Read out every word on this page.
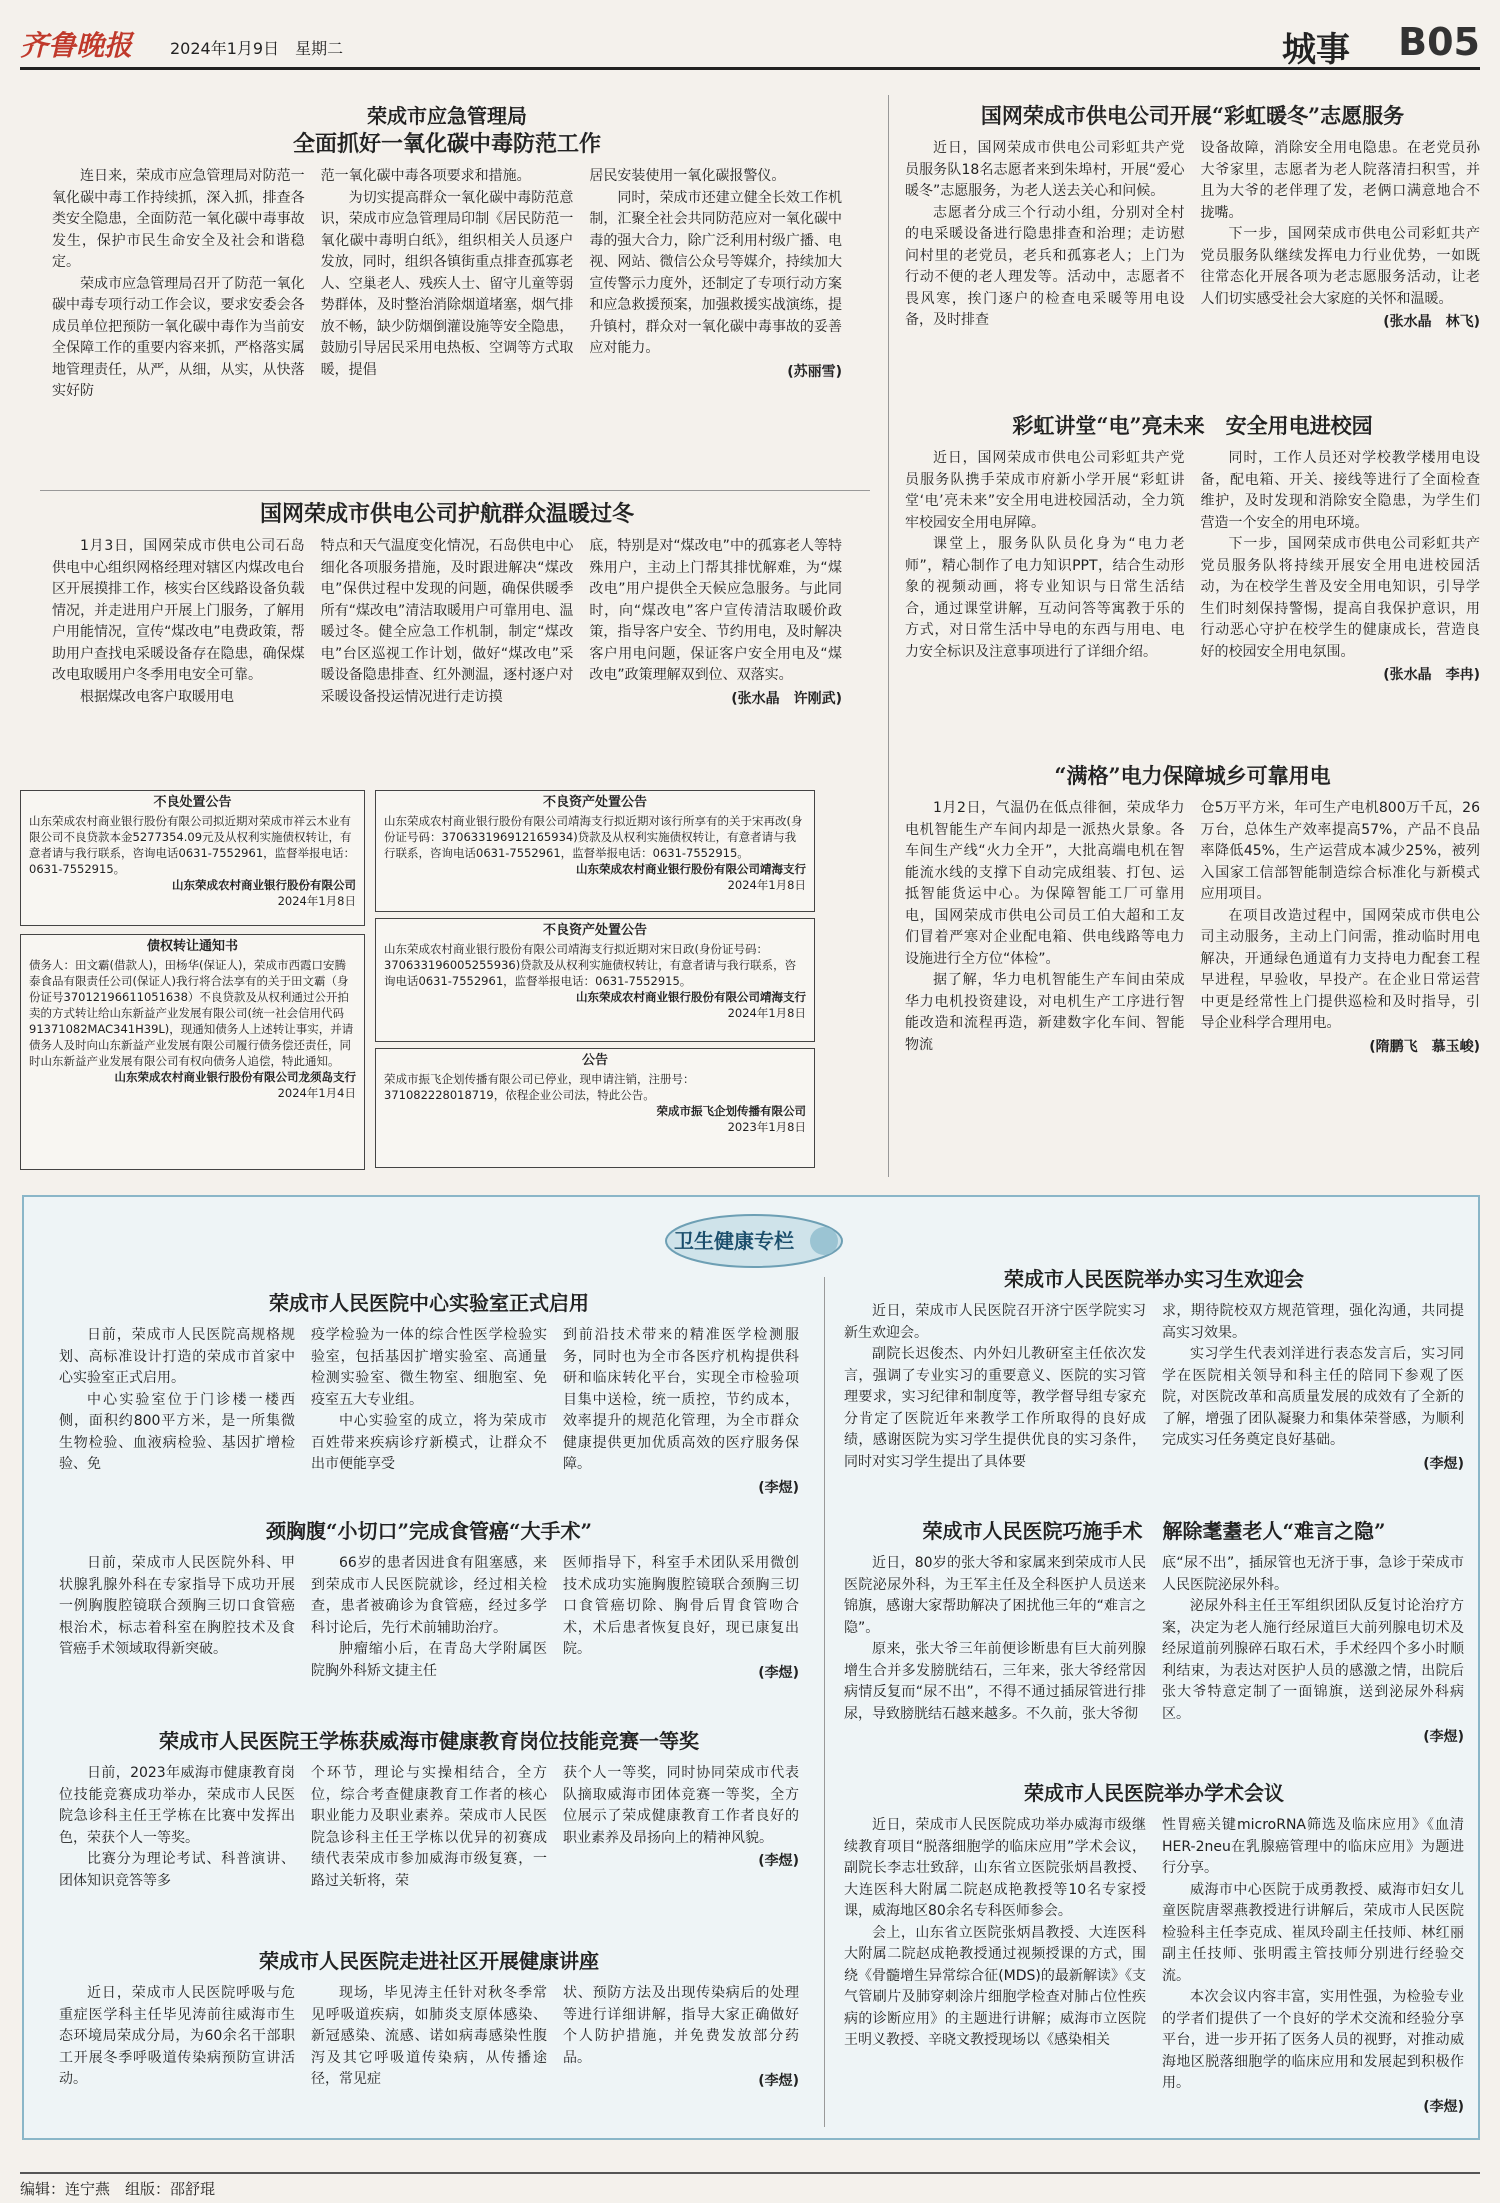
齐鲁晚报 2024年1月9日　星期二	城事 B05
荣成市应急管理局
全面抓好一氧化碳中毒防范工作

连日来，荣成市应急管理局对防范一氧化碳中毒工作持续抓，深入抓，排查各类安全隐患，全面防范一氧化碳中毒事故发生，保护市民生命安全及社会和谐稳定。

荣成市应急管理局召开了防范一氧化碳中毒专项行动工作会议，要求安委会各成员单位把预防一氧化碳中毒作为当前安全保障工作的重要内容来抓，严格落实属地管理责任，从严，从细，从实，从快落实好防

范一氧化碳中毒各项要求和措施。

为切实提高群众一氧化碳中毒防范意识，荣成市应急管理局印制《居民防范一氧化碳中毒明白纸》，组织相关人员逐户发放，同时，组织各镇街重点排查孤寡老人、空巢老人、残疾人士、留守儿童等弱势群体，及时整治消除烟道堵塞，烟气排放不畅，缺少防烟倒灌设施等安全隐患，鼓励引导居民采用电热板、空调等方式取暖，提倡

居民安装使用一氧化碳报警仪。

同时，荣成市还建立健全长效工作机制，汇聚全社会共同防范应对一氧化碳中毒的强大合力，除广泛利用村级广播、电视、网站、微信公众号等媒介，持续加大宣传警示力度外，还制定了专项行动方案和应急救援预案，加强救援实战演练，提升镇村，群众对一氧化碳中毒事故的妥善应对能力。

(苏丽雪)
国网荣成市供电公司护航群众温暖过冬

1月3日，国网荣成市供电公司石岛供电中心组织网格经理对辖区内煤改电台区开展摸排工作，核实台区线路设备负载情况，并走进用户开展上门服务，了解用户用能情况，宣传“煤改电”电费政策，帮助用户查找电采暖设备存在隐患，确保煤改电取暖用户冬季用电安全可靠。

根据煤改电客户取暖用电

特点和天气温度变化情况，石岛供电中心细化各项服务措施，及时跟进解决“煤改电”保供过程中发现的问题，确保供暖季所有“煤改电”清洁取暖用户可靠用电、温暖过冬。健全应急工作机制，制定“煤改电”台区巡视工作计划，做好“煤改电”采暖设备隐患排查、红外测温，逐村逐户对采暖设备投运情况进行走访摸

底，特别是对“煤改电”中的孤寡老人等特殊用户，主动上门帮其排忧解难，为“煤改电”用户提供全天候应急服务。与此同时，向“煤改电”客户宣传清洁取暖价政策，指导客户安全、节约用电，及时解决客户用电问题，保证客户安全用电及“煤改电”政策理解双到位、双落实。

(张水晶　许刚武)
不良处置公告
山东荣成农村商业银行股份有限公司拟近期对荣成市祥云木业有限公司不良贷款本金5277354.09元及从权利实施债权转让，有意者请与我行联系，咨询电话0631-7552961，监督举报电话：0631-7552915。
山东荣成农村商业银行股份有限公司
2024年1月8日
债权转让通知书
债务人：田文霸(借款人)，田杨华(保证人)，荣成市西霞口安腾泰食品有限责任公司(保证人)我行将合法享有的关于田文霸（身份证号37012196611051638）不良贷款及从权利通过公开拍卖的方式转让给山东新益产业发展有限公司(统一社会信用代码91371082MAC341H39L)，现通知债务人上述转让事实，并请债务人及时向山东新益产业发展有限公司履行债务偿还责任，同时山东新益产业发展有限公司有权向债务人追偿，特此通知。
山东荣成农村商业银行股份有限公司龙须岛支行
2024年1月4日
不良资产处置公告
山东荣成农村商业银行股份有限公司靖海支行拟近期对该行所享有的关于宋再改(身份证号码：370633196912165934)贷款及从权利实施债权转让，有意者请与我行联系，咨询电话0631-7552961，监督举报电话：0631-7552915。
山东荣成农村商业银行股份有限公司靖海支行
2024年1月8日
不良资产处置公告
山东荣成农村商业银行股份有限公司靖海支行拟近期对宋日政(身份证号码：370633196005255936)贷款及从权利实施债权转让，有意者请与我行联系，咨询电话0631-7552961，监督举报电话：0631-7552915。
山东荣成农村商业银行股份有限公司靖海支行
2024年1月8日
公告
荣成市振飞企划传播有限公司已停业，现申请注销，注册号：371082228018719，依程企业公司法，特此公告。
荣成市振飞企划传播有限公司
2023年1月8日
国网荣成市供电公司开展“彩虹暖冬”志愿服务

近日，国网荣成市供电公司彩虹共产党员服务队18名志愿者来到朱埠村，开展“爱心暖冬”志愿服务，为老人送去关心和问候。

志愿者分成三个行动小组，分别对全村的电采暖设备进行隐患排查和治理；走访慰问村里的老党员，老兵和孤寡老人；上门为行动不便的老人理发等。活动中，志愿者不畏风寒，挨门逐户的检查电采暖等用电设备，及时排查

设备故障，消除安全用电隐患。在老党员孙大爷家里，志愿者为老人院落清扫积雪，并且为大爷的老伴理了发，老俩口满意地合不拢嘴。

下一步，国网荣成市供电公司彩虹共产党员服务队继续发挥电力行业优势，一如既往常态化开展各项为老志愿服务活动，让老人们切实感受社会大家庭的关怀和温暖。

(张水晶　林飞)
彩虹讲堂“电”亮未来　安全用电进校园

近日，国网荣成市供电公司彩虹共产党员服务队携手荣成市府新小学开展“彩虹讲堂‘电’亮未来”安全用电进校园活动，全力筑牢校园安全用电屏障。

课堂上，服务队队员化身为“电力老师”，精心制作了电力知识PPT，结合生动形象的视频动画，将专业知识与日常生活结合，通过课堂讲解，互动问答等寓教于乐的方式，对日常生活中导电的东西与用电、电力安全标识及注意事项进行了详细介绍。

同时，工作人员还对学校教学楼用电设备，配电箱、开关、接线等进行了全面检查维护，及时发现和消除安全隐患，为学生们营造一个安全的用电环境。

下一步，国网荣成市供电公司彩虹共产党员服务队将持续开展安全用电进校园活动，为在校学生普及安全用电知识，引导学生们时刻保持警惕，提高自我保护意识，用行动恶心守护在校学生的健康成长，营造良好的校园安全用电氛围。

(张水晶　李冉)
“满格”电力保障城乡可靠用电

1月2日，气温仍在低点徘徊，荣成华力电机智能生产车间内却是一派热火景象。各车间生产线“火力全开”，大批高端电机在智能流水线的支撑下自动完成组装、打包、运抵智能货运中心。为保障智能工厂可靠用电，国网荣成市供电公司员工伯大超和工友们冒着严寒对企业配电箱、供电线路等电力设施进行全方位“体检”。

据了解，华力电机智能生产车间由荣成华力电机投资建设，对电机生产工序进行智能改造和流程再造，新建数字化车间、智能物流

仓5万平方米，年可生产电机800万千瓦，26万台，总体生产效率提高57%，产品不良品率降低45%，生产运营成本减少25%，被列入国家工信部智能制造综合标准化与新模式应用项目。

在项目改造过程中，国网荣成市供电公司主动服务，主动上门问需，推动临时用电解决，开通绿色通道有力支持电力配套工程早进程，早验收，早投产。在企业日常运营中更是经常性上门提供巡检和及时指导，引导企业科学合理用电。

(隋鹏飞　慕玉峻)
卫生健康专栏
荣成市人民医院中心实验室正式启用

日前，荣成市人民医院高规格规划、高标准设计打造的荣成市首家中心实验室正式启用。

中心实验室位于门诊楼一楼西侧，面积约800平方米，是一所集微生物检验、血液病检验、基因扩增检验、免

疫学检验为一体的综合性医学检验实验室，包括基因扩增实验室、高通量检测实验室、微生物室、细胞室、免疫室五大专业组。

中心实验室的成立，将为荣成市百姓带来疾病诊疗新模式，让群众不出市便能享受

到前沿技术带来的精准医学检测服务，同时也为全市各医疗机构提供科研和临床转化平台，实现全市检验项目集中送检，统一质控，节约成本，效率提升的规范化管理，为全市群众健康提供更加优质高效的医疗服务保障。

(李煜)
颈胸腹“小切口”完成食管癌“大手术”

日前，荣成市人民医院外科、甲状腺乳腺外科在专家指导下成功开展一例胸腹腔镜联合颈胸三切口食管癌根治术，标志着科室在胸腔技术及食管癌手术领域取得新突破。

66岁的患者因进食有阻塞感，来到荣成市人民医院就诊，经过相关检查，患者被确诊为食管癌，经过多学科讨论后，先行术前辅助治疗。

肿瘤缩小后，在青岛大学附属医院胸外科矫文捷主任

医师指导下，科室手术团队采用微创技术成功实施胸腹腔镜联合颈胸三切口食管癌切除、胸骨后胃食管吻合术，术后患者恢复良好，现已康复出院。

(李煜)
荣成市人民医院王学栋获威海市健康教育岗位技能竞赛一等奖

日前，2023年威海市健康教育岗位技能竞赛成功举办，荣成市人民医院急诊科主任王学栋在比赛中发挥出色，荣获个人一等奖。

比赛分为理论考试、科普演讲、团体知识竞答等多

个环节，理论与实操相结合，全方位，综合考查健康教育工作者的核心职业能力及职业素养。荣成市人民医院急诊科主任王学栋以优异的初赛成绩代表荣成市参加威海市级复赛，一路过关斩将，荣

获个人一等奖，同时协同荣成市代表队摘取威海市团体竞赛一等奖，全方位展示了荣成健康教育工作者良好的职业素养及昂扬向上的精神风貌。

(李煜)
荣成市人民医院走进社区开展健康讲座

近日，荣成市人民医院呼吸与危重症医学科主任毕见涛前往威海市生态环境局荣成分局，为60余名干部职工开展冬季呼吸道传染病预防宣讲活动。

现场，毕见涛主任针对秋冬季常见呼吸道疾病，如肺炎支原体感染、新冠感染、流感、诺如病毒感染性腹泻及其它呼吸道传染病，从传播途径，常见症

状、预防方法及出现传染病后的处理等进行详细讲解，指导大家正确做好个人防护措施，并免费发放部分药品。

(李煜)
荣成市人民医院举办实习生欢迎会

近日，荣成市人民医院召开济宁医学院实习新生欢迎会。

副院长迟俊杰、内外妇儿教研室主任依次发言，强调了专业实习的重要意义、医院的实习管理要求，实习纪律和制度等，教学督导组专家充分肯定了医院近年来教学工作所取得的良好成绩，感谢医院为实习学生提供优良的实习条件，同时对实习学生提出了具体要

求，期待院校双方规范管理，强化沟通，共同提高实习效果。

实习学生代表刘洋进行表态发言后，实习同学在医院相关领导和科主任的陪同下参观了医院，对医院改革和高质量发展的成效有了全新的了解，增强了团队凝聚力和集体荣誉感，为顺利完成实习任务奠定良好基础。

(李煜)
荣成市人民医院巧施手术　解除耄耋老人“难言之隐”

近日，80岁的张大爷和家属来到荣成市人民医院泌尿外科，为王军主任及全科医护人员送来锦旗，感谢大家帮助解决了困扰他三年的“难言之隐”。

原来，张大爷三年前便诊断患有巨大前列腺增生合并多发膀胱结石，三年来，张大爷经常因病情反复而“尿不出”，不得不通过插尿管进行排尿，导致膀胱结石越来越多。不久前，张大爷彻

底“尿不出”，插尿管也无济于事，急诊于荣成市人民医院泌尿外科。

泌尿外科主任王军组织团队反复讨论治疗方案，决定为老人施行经尿道巨大前列腺电切术及经尿道前列腺碎石取石术，手术经四个多小时顺利结束，为表达对医护人员的感激之情，出院后张大爷特意定制了一面锦旗，送到泌尿外科病区。

(李煜)
荣成市人民医院举办学术会议

近日，荣成市人民医院成功举办威海市级继续教育项目“脱落细胞学的临床应用”学术会议，副院长李志壮致辞，山东省立医院张炳昌教授、大连医科大附属二院赵成艳教授等10名专家授课，威海地区80余名专科医师参会。

会上，山东省立医院张炳昌教授、大连医科大附属二院赵成艳教授通过视频授课的方式，围绕《骨髓增生异常综合征(MDS)的最新解读》《支气管刷片及肺穿刺涂片细胞学检查对肺占位性疾病的诊断应用》的主题进行讲解；威海市立医院王明义教授、辛晓文教授现场以《感染相关

性胃癌关键microRNA筛选及临床应用》《血清HER-2neu在乳腺癌管理中的临床应用》为题进行分享。

威海市中心医院于成勇教授、威海市妇女儿童医院唐翠燕教授进行讲解后，荣成市人民医院检验科主任李克成、崔凤玲副主任技师、林红丽副主任技师、张明霞主管技师分别进行经验交流。

本次会议内容丰富，实用性强，为检验专业的学者们提供了一个良好的学术交流和经验分享平台，进一步开拓了医务人员的视野，对推动威海地区脱落细胞学的临床应用和发展起到积极作用。

(李煜)
编辑：连宁燕　组版：邵舒琨
